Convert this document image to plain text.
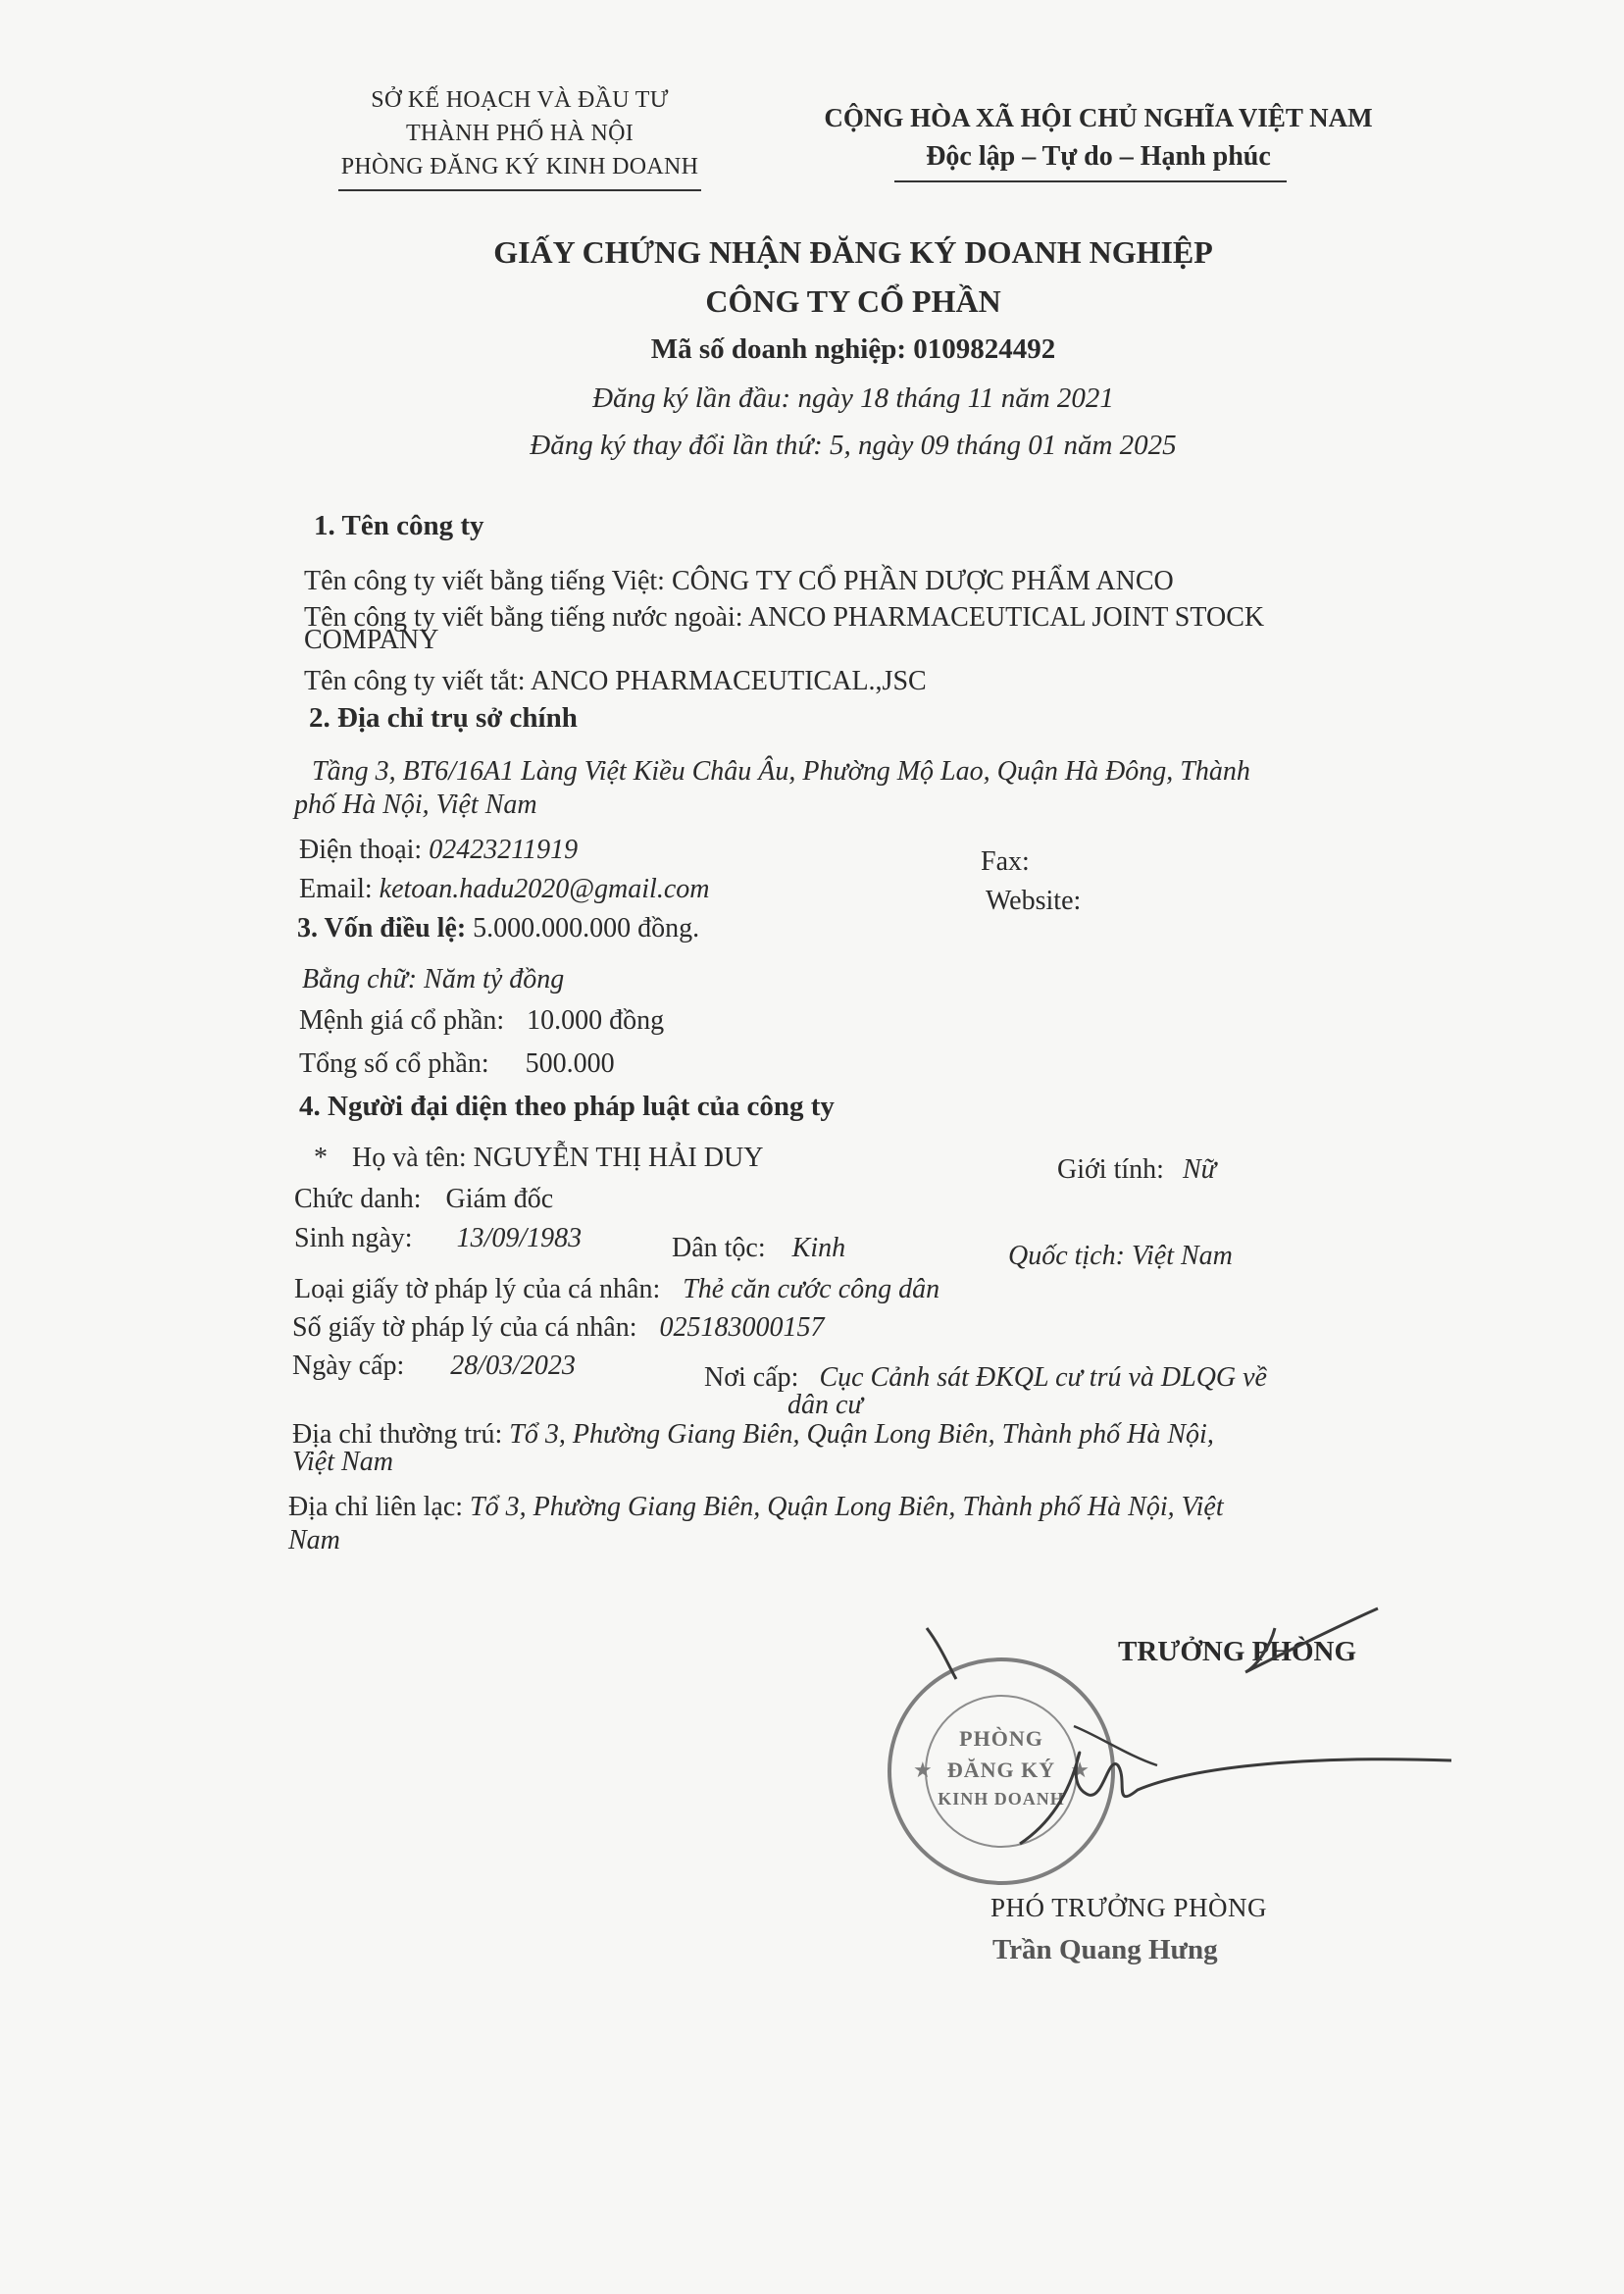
SỞ KẾ HOẠCH VÀ ĐẦU TƯ
THÀNH PHỐ HÀ NỘI
PHÒNG ĐĂNG KÝ KINH DOANH
CỘNG HÒA XÃ HỘI CHỦ NGHĨA VIỆT NAM
Độc lập – Tự do – Hạnh phúc
GIẤY CHỨNG NHẬN ĐĂNG KÝ DOANH NGHIỆP
CÔNG TY CỔ PHẦN
Mã số doanh nghiệp: 0109824492
Đăng ký lần đầu: ngày 18 tháng 11 năm 2021
Đăng ký thay đổi lần thứ: 5, ngày 09 tháng 01 năm 2025
1. Tên công ty
Tên công ty viết bằng tiếng Việt: CÔNG TY CỔ PHẦN DƯỢC PHẨM ANCO
Tên công ty viết bằng tiếng nước ngoài: ANCO PHARMACEUTICAL JOINT STOCK
COMPANY
Tên công ty viết tắt: ANCO PHARMACEUTICAL.,JSC
2. Địa chỉ trụ sở chính
Tầng 3, BT6/16A1 Làng Việt Kiều Châu Âu, Phường Mộ Lao, Quận Hà Đông, Thành
phố Hà Nội, Việt Nam
Điện thoại: 02423211919	Fax:
Email: ketoan.hadu2020@gmail.com	Website:
3. Vốn điều lệ: 5.000.000.000 đồng.
Bằng chữ: Năm tỷ đồng
Mệnh giá cổ phần: 10.000 đồng
Tổng số cổ phần: 500.000
4. Người đại diện theo pháp luật của công ty
* Họ và tên: NGUYỄN THỊ HẢI DUY	Giới tính: Nữ
Chức danh: Giám đốc
Sinh ngày: 13/09/1983	Dân tộc: Kinh	Quốc tịch: Việt Nam
Loại giấy tờ pháp lý của cá nhân: Thẻ căn cước công dân
Số giấy tờ pháp lý của cá nhân: 025183000157
Ngày cấp: 28/03/2023	Nơi cấp: Cục Cảnh sát ĐKQL cư trú và DLQG về
dân cư
Địa chỉ thường trú: Tổ 3, Phường Giang Biên, Quận Long Biên, Thành phố Hà Nội,
Việt Nam
Địa chỉ liên lạc: Tổ 3, Phường Giang Biên, Quận Long Biên, Thành phố Hà Nội, Việt
Nam
TRƯỞNG PHÒNG
★	★
PHÒNG
ĐĂNG KÝ
KINH DOANH
PHÓ TRƯỞNG PHÒNG
Trần Quang Hưng
